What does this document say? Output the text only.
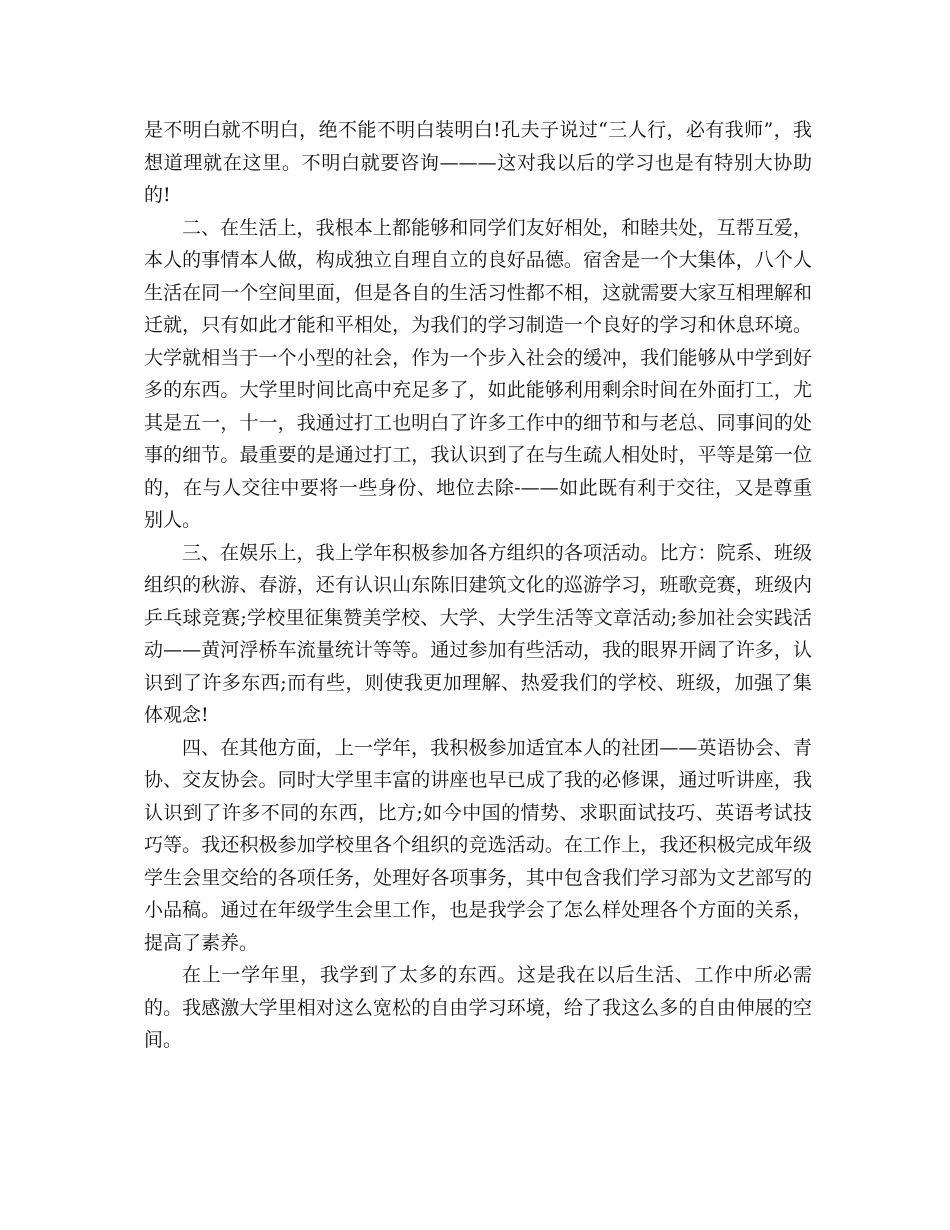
是不明白就不明白，绝不能不明白装明白!孔夫子说过“三人行，必有我师”，我想道理就在这里。不明白就要咨询———这对我以后的学习也是有特别大协助的!

二、在生活上，我根本上都能够和同学们友好相处，和睦共处，互帮互爱，本人的事情本人做，构成独立自理自立的良好品德。宿舍是一个大集体，八个人生活在同一个空间里面，但是各自的生活习性都不相，这就需要大家互相理解和迁就，只有如此才能和平相处，为我们的学习制造一个良好的学习和休息环境。大学就相当于一个小型的社会，作为一个步入社会的缓冲，我们能够从中学到好多的东西。大学里时间比高中充足多了，如此能够利用剩余时间在外面打工，尤其是五一，十一，我通过打工也明白了许多工作中的细节和与老总、同事间的处事的细节。最重要的是通过打工，我认识到了在与生疏人相处时，平等是第一位的，在与人交往中要将一些身份、地位去除-——如此既有利于交往，又是尊重别人。

三、在娱乐上，我上学年积极参加各方组织的各项活动。比方：院系、班级组织的秋游、春游，还有认识山东陈旧建筑文化的巡游学习，班歌竞赛，班级内乒乓球竞赛;学校里征集赞美学校、大学、大学生活等文章活动;参加社会实践活动——黄河浮桥车流量统计等等。通过参加有些活动，我的眼界开阔了许多，认识到了许多东西;而有些，则使我更加理解、热爱我们的学校、班级，加强了集体观念!

四、在其他方面，上一学年，我积极参加适宜本人的社团——英语协会、青协、交友协会。同时大学里丰富的讲座也早已成了我的必修课，通过听讲座，我认识到了许多不同的东西，比方;如今中国的情势、求职面试技巧、英语考试技巧等。我还积极参加学校里各个组织的竞选活动。在工作上，我还积极完成年级学生会里交给的各项任务，处理好各项事务，其中包含我们学习部为文艺部写的小品稿。通过在年级学生会里工作，也是我学会了怎么样处理各个方面的关系，提高了素养。

在上一学年里，我学到了太多的东西。这是我在以后生活、工作中所必需的。我感激大学里相对这么宽松的自由学习环境，给了我这么多的自由伸展的空间。
